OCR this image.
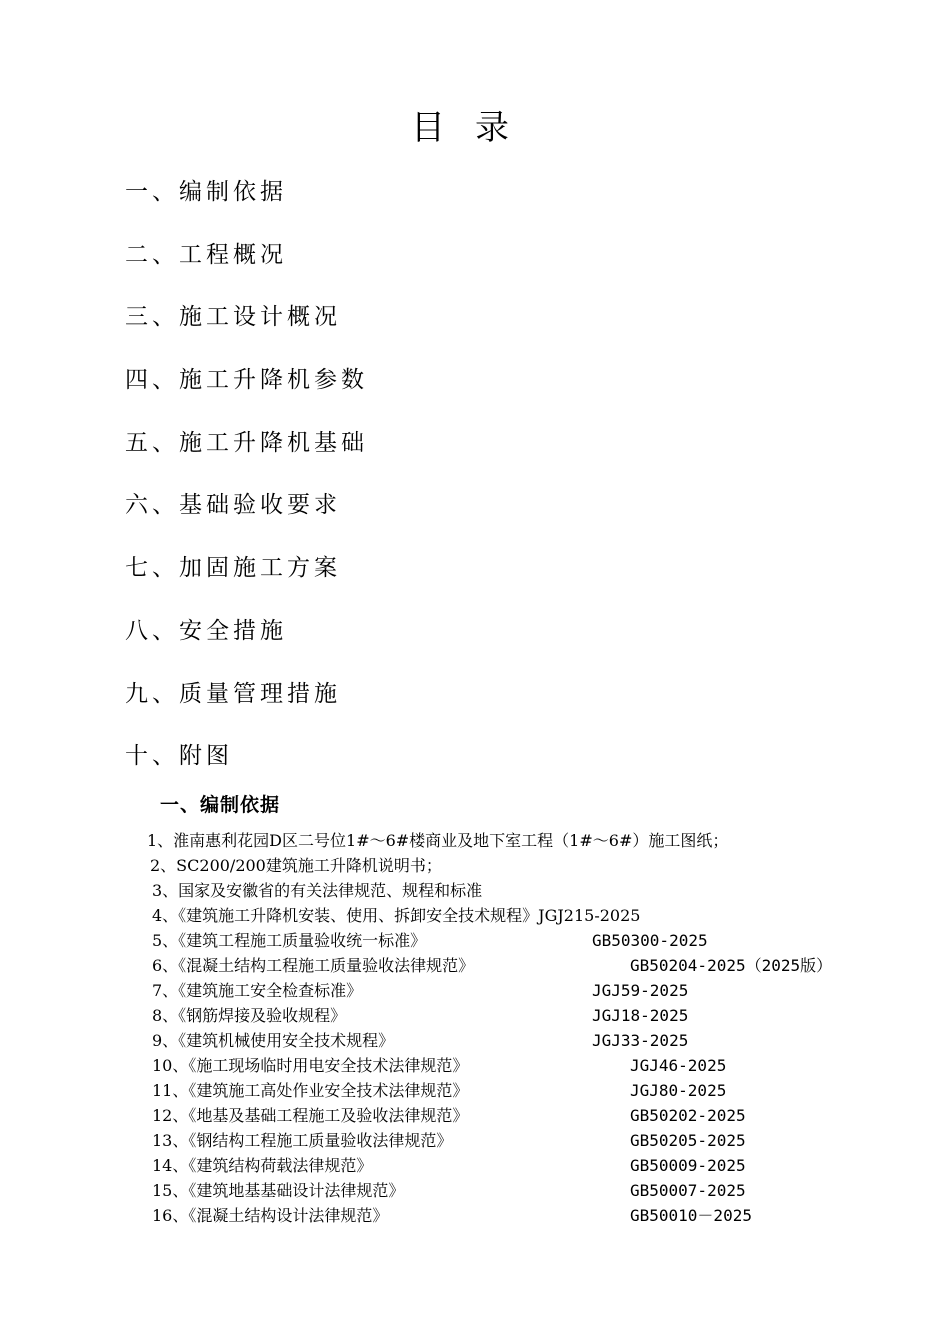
目录
一、编制依据
二、工程概况
三、施工设计概况
四、施工升降机参数
五、施工升降机基础
六、基础验收要求
七、加固施工方案
八、安全措施
九、质量管理措施
十、附图
一、编制依据
1、淮南惠利花园D区二号位1#～6#楼商业及地下室工程（1#～6#）施工图纸；
2、SC200/200建筑施工升降机说明书；
3、国家及安徽省的有关法律规范、规程和标准
4、《建筑施工升降机安装、使用、拆卸安全技术规程》JGJ215-2025
5、《建筑工程施工质量验收统一标准》	GB50300-2025
6、《混凝土结构工程施工质量验收法律规范》	GB50204-2025（2025版）
7、《建筑施工安全检查标准》	JGJ59-2025
8、《钢筋焊接及验收规程》	JGJ18-2025
9、《建筑机械使用安全技术规程》	JGJ33-2025
10、《施工现场临时用电安全技术法律规范》	JGJ46-2025
11、《建筑施工高处作业安全技术法律规范》	JGJ80-2025
12、《地基及基础工程施工及验收法律规范》	GB50202-2025
13、《钢结构工程施工质量验收法律规范》	GB50205-2025
14、《建筑结构荷载法律规范》	GB50009-2025
15、《建筑地基基础设计法律规范》	GB50007-2025
16、《混凝土结构设计法律规范》	GB50010－2025
